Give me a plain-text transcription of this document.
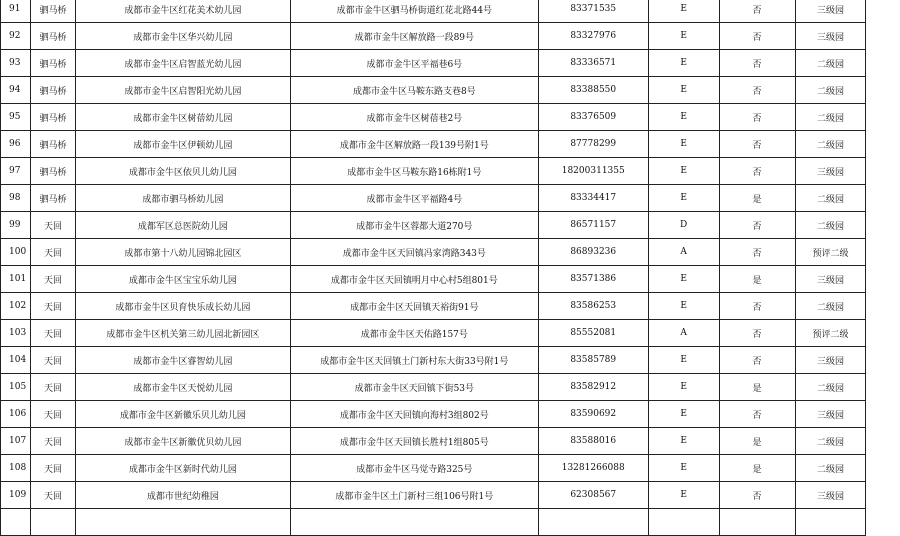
91	驷马桥	成都市金牛区红花美术幼儿园	成都市金牛区驷马桥街道红花北路44号	83371535	E	否	三级园	
92	驷马桥	成都市金牛区华兴幼儿园	成都市金牛区解放路一段89号	83327976	E	否	三级园	
93	驷马桥	成都市金牛区启智蓝光幼儿园	成都市金牛区平福巷6号	83336571	E	否	二级园	
94	驷马桥	成都市金牛区启智阳光幼儿园	成都市金牛区马鞍东路支巷8号	83388550	E	否	二级园	
95	驷马桥	成都市金牛区树蓓幼儿园	成都市金牛区树蓓巷2号	83376509	E	否	二级园	
96	驷马桥	成都市金牛区伊顿幼儿园	成都市金牛区解放路一段139号附1号	87778299	E	否	二级园	
97	驷马桥	成都市金牛区依贝儿幼儿园	成都市金牛区马鞍东路16栋附1号	18200311355	E	否	三级园	
98	驷马桥	成都市驷马桥幼儿园	成都市金牛区平福路4号	83334417	E	是	二级园	
99	天回	成都军区总医院幼儿园	成都市金牛区蓉都大道270号	86571157	D	否	二级园	
100	天回	成都市第十八幼儿园锦北园区	成都市金牛区天回镇冯家湾路343号	86893236	A	否	预评二级	
101	天回	成都市金牛区宝宝乐幼儿园	成都市金牛区天回镇明月中心村5组801号	83571386	E	是	三级园	
102	天回	成都市金牛区贝育快乐成长幼儿园	成都市金牛区天回镇天裕街91号	83586253	E	否	二级园	
103	天回	成都市金牛区机关第三幼儿园北新园区	成都市金牛区天佑路157号	85552081	A	否	预评二级	
104	天回	成都市金牛区睿智幼儿园	成都市金牛区天回镇土门新村东大街33号附1号	83585789	E	否	三级园	
105	天回	成都市金牛区天悦幼儿园	成都市金牛区天回镇下街53号	83582912	E	是	二级园	
106	天回	成都市金牛区新徽乐贝儿幼儿园	成都市金牛区天回镇向海村3组802号	83590692	E	否	三级园	
107	天回	成都市金牛区新徽优贝幼儿园	成都市金牛区天回镇长胜村1组805号	83588016	E	是	二级园	
108	天回	成都市金牛区新时代幼儿园	成都市金牛区马觉寺路325号	13281266088	E	是	二级园	
109	天回	成都市世纪幼稚园	成都市金牛区土门新村三组106号附1号	62308567	E	否	三级园	
